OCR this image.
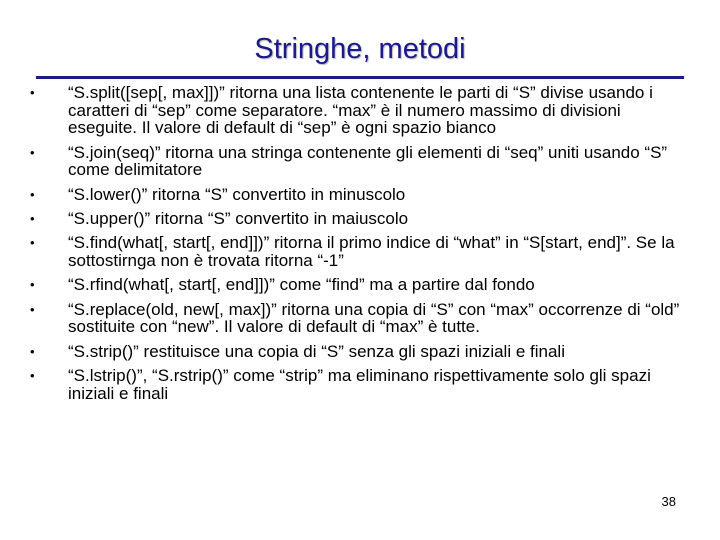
Stringhe, metodi
•	“S.split([sep[, max]])” ritorna una lista contenente le parti di “S” divise usando i caratteri di “sep” come separatore. “max” è il numero massimo di divisioni eseguite. Il valore di default di “sep” è ogni spazio bianco
•	“S.join(seq)” ritorna una stringa contenente gli elementi di “seq” uniti usando “S” come delimitatore
•	“S.lower()” ritorna “S” convertito in minuscolo
•	“S.upper()” ritorna “S” convertito in maiuscolo
•	“S.find(what[, start[, end]])” ritorna il primo indice di “what” in “S[start, end]”. Se la sottostirnga non è trovata ritorna “-1”
•	“S.rfind(what[, start[, end]])” come “find” ma a partire dal fondo
•	“S.replace(old, new[, max])” ritorna una copia di “S” con “max” occorrenze di “old” sostituite con “new”. Il valore di default di “max” è tutte.
•	“S.strip()” restituisce una copia di “S” senza gli spazi iniziali e finali
•	“S.lstrip()”, “S.rstrip()” come “strip” ma eliminano rispettivamente solo gli spazi iniziali e finali
38
